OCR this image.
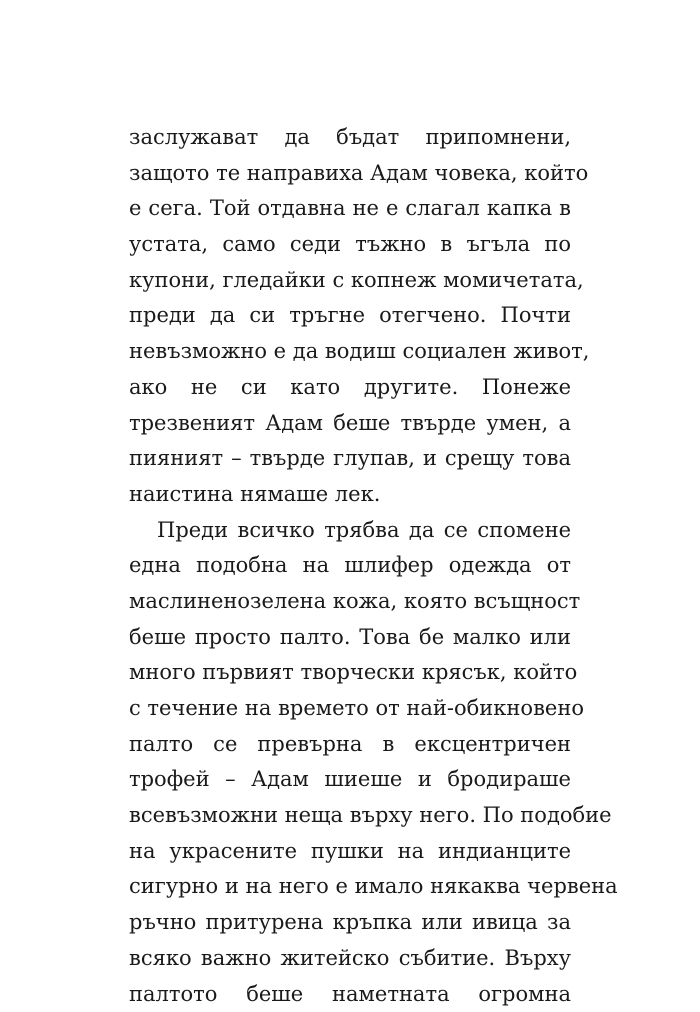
заслужават да бъдат припомнени,
защото те направиха Адам човека, който
е сега. Той отдавна не е слагал капка в
устата, само седи тъжно в ъгъла по
купони, гледайки с копнеж момичетата,
преди да си тръгне отегчено. Почти
невъзможно е да водиш социален живот,
ако не си като другите. Понеже
трезвеният Адам беше твърде умен, а
пияният – твърде глупав, и срещу това
наистина нямаше лек.
Преди всичко трябва да се спомене
една подобна на шлифер одежда от
маслиненозелена кожа, която всъщност
беше просто палто. Това бе малко или
много първият творчески крясък, който
с течение на времето от най-обикновено
палто се превърна в ексцентричен
трофей – Адам шиеше и бродираше
всевъзможни неща върху него. По подобие
на украсените пушки на индианците
сигурно и на него е имало някаква червена
ръчно притурена кръпка или ивица за
всяко важно житейско събитие. Върху
палтото беше наметната огромна
